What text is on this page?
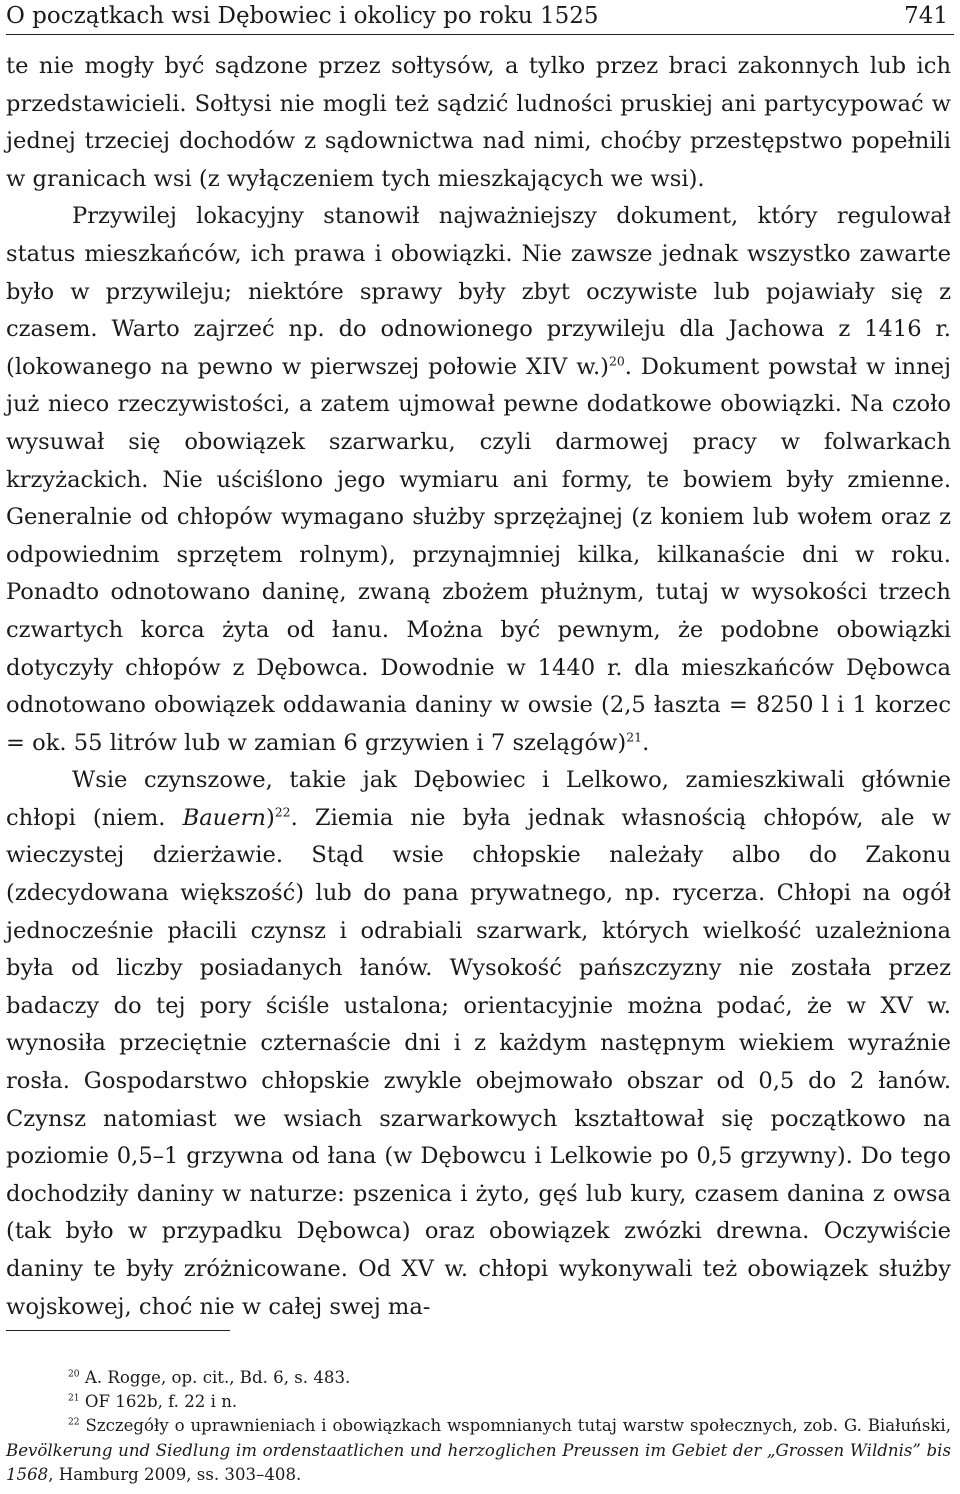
O początkach wsi Dębowiec i okolicy po roku 1525	741

te nie mogły być sądzone przez sołtysów, a tylko przez braci zakonnych lub ich przedstawicieli. Sołtysi nie mogli też sądzić ludności pruskiej ani partycypować w jednej trzeciej dochodów z sądownictwa nad nimi, choćby przestępstwo popełnili w granicach wsi (z wyłączeniem tych mieszkających we wsi).

Przywilej lokacyjny stanowił najważniejszy dokument, który regulował status mieszkańców, ich prawa i obowiązki. Nie zawsze jednak wszystko zawarte było w przywileju; niektóre sprawy były zbyt oczywiste lub pojawiały się z czasem. Warto zajrzeć np. do odnowionego przywileju dla Jachowa z 1416 r. (lokowanego na pewno w pierwszej połowie XIV w.)$^{20}$. Dokument powstał w innej już nieco rzeczywistości, a zatem ujmował pewne dodatkowe obowiązki. Na czoło wysuwał się obowiązek szarwarku, czyli darmowej pracy w folwarkach krzyżackich. Nie uściślono jego wymiaru ani formy, te bowiem były zmienne. Generalnie od chłopów wymagano służby sprzężajnej (z koniem lub wołem oraz z odpowiednim sprzętem rolnym), przynajmniej kilka, kilkanaście dni w roku. Ponadto odnotowano daninę, zwaną zbożem płużnym, tutaj w wysokości trzech czwartych korca żyta od łanu. Można być pewnym, że podobne obowiązki dotyczyły chłopów z Dębowca. Dowodnie w 1440 r. dla mieszkańców Dębowca odnotowano obowiązek oddawania daniny w owsie (2,5 łaszta = 8250 l i 1 korzec = ok. 55 litrów lub w zamian 6 grzywien i 7 szelągów)$^{21}$.

Wsie czynszowe, takie jak Dębowiec i Lelkowo, zamieszkiwali głównie chłopi (niem. Bauern)$^{22}$. Ziemia nie była jednak własnością chłopów, ale w wieczystej dzierżawie. Stąd wsie chłopskie należały albo do Zakonu (zdecydowana większość) lub do pana prywatnego, np. rycerza. Chłopi na ogół jednocześnie płacili czynsz i odrabiali szarwark, których wielkość uzależniona była od liczby posiadanych łanów. Wysokość pańszczyzny nie została przez badaczy do tej pory ściśle ustalona; orientacyjnie można podać, że w XV w. wynosiła przeciętnie czternaście dni i z każdym następnym wiekiem wyraźnie rosła. Gospodarstwo chłopskie zwykle obejmowało obszar od 0,5 do 2 łanów. Czynsz natomiast we wsiach szarwarkowych kształtował się początkowo na poziomie 0,5–1 grzywna od łana (w Dębowcu i Lelkowie po 0,5 grzywny). Do tego dochodziły daniny w naturze: pszenica i żyto, gęś lub kury, czasem danina z owsa (tak było w przypadku Dębowca) oraz obowiązek zwózki drewna. Oczywiście daniny te były zróżnicowane. Od XV w. chłopi wykonywali też obowiązek służby wojskowej, choć nie w całej swej ma-

$^{20}$ A. Rogge, op. cit., Bd. 6, s. 483.

$^{21}$ OF 162b, f. 22 i n.

$^{22}$ Szczegóły o uprawnieniach i obowiązkach wspomnianych tutaj warstw społecznych, zob. G. Białuński, Bevölkerung und Siedlung im ordenstaatlichen und herzoglichen Preussen im Gebiet der „Grossen Wildnis” bis 1568, Hamburg 2009, ss. 303–408.
